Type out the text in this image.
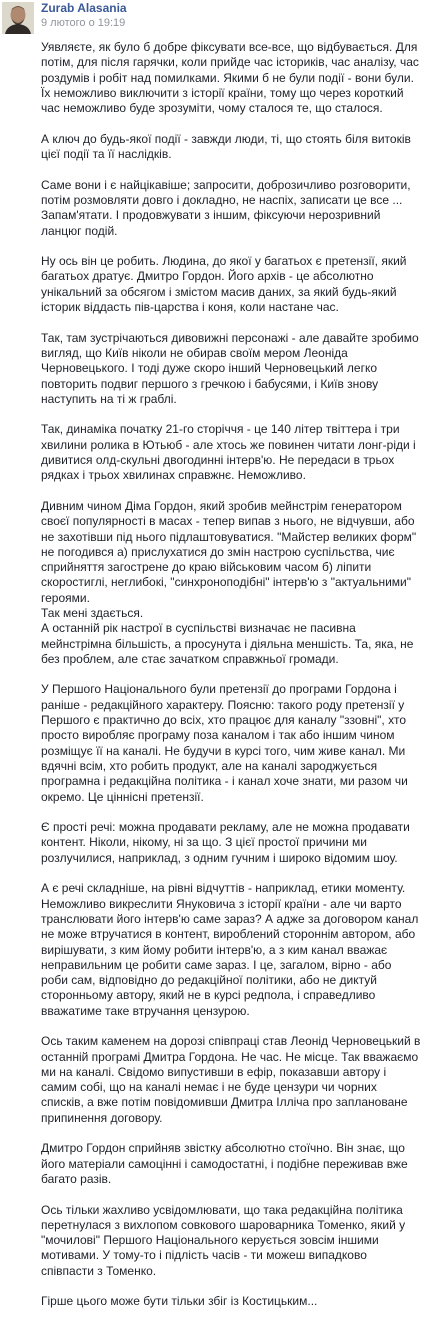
Zurab Alasania
9 лютого о 19:19

Уявляєте, як було б добре фіксувати все-все, що відбувається. Для потім, для після гарячки, коли прийде час істориків, час аналізу, час роздумів і робіт над помилками. Якими б не були події - вони були. Їх неможливо виключити з історії країни, тому що через короткий час неможливо буде зрозуміти, чому сталося те, що сталося.

А ключ до будь-якої події - завжди люди, ті, що стоять біля витоків цієї події та її наслідків.

Саме вони і є найцікавіше; запросити, доброзичливо розговорити, потім розмовляти довго і докладно, не наспіх, записати це все ... Запам'ятати. І продовжувати з іншим, фіксуючи нерозривний ланцюг подій.

Ну ось він це робить. Людина, до якої у багатьох є претензії, який багатьох дратує. Дмитро Гордон. Його архів - це абсолютно унікальний за обсягом і змістом масив даних, за який будь-який історик віддасть пів-царства і коня, коли настане час.

Так, там зустрічаються дивовижні персонажі - але давайте зробимо вигляд, що Київ ніколи не обирав своїм мером Леоніда Черновецького. І тоді дуже скоро інший Черновецький легко повторить подвиг першого з гречкою і бабусями, і Київ знову наступить на ті ж граблі.

Так, динаміка початку 21-го сторіччя - це 140 літер твіттера і три хвилини ролика в Ютьюб - але хтось же повинен читати лонг-ріди і дивитися олд-скульні двогодинні інтерв'ю. Не передаси в трьох рядках і трьох хвилинах справжнє. Неможливо.

Дивним чином Діма Гордон, який зробив мейнстрім генератором своєї популярності в масах - тепер випав з нього, не відчувши, або не захотівши під нього підлаштовуватися. "Майстер великих форм" не погодився а) прислухатися до змін настрою суспільства, чиє сприйняття загострене до краю військовим часом б) ліпити скоростиглі, неглибокі, "синхроноподібні" інтерв'ю з "актуальними" героями.
Так мені здається.
А останній рік настрої в суспільстві визначає не пасивна мейнстрімна більшість, а просунута і діяльна меншість. Та, яка, не без проблем, але стає зачатком справжньої громади.

У Першого Національного були претензії до програми Гордона і раніше - редакційного характеру. Поясню: такого роду претензії у Першого є практично до всіх, хто працює для каналу "ззовні", хто просто виробляє програму поза каналом і так або іншим чином розміщує її на каналі. Не будучи в курсі того, чим живе канал. Ми вдячні всім, хто робить продукт, але на каналі зароджується програмна і редакційна політика - і канал хоче знати, ми разом чи окремо. Це ціннісні претензії.

Є прості речі: можна продавати рекламу, але не можна продавати контент. Ніколи, нікому, ні за що. З цієї простої причини ми розлучилися, наприклад, з одним гучним і широко відомим шоу.

А є речі складніше, на рівні відчуттів - наприклад, етики моменту. Неможливо викреслити Януковича з історії країни - але чи варто транслювати його інтерв'ю саме зараз? А адже за договором канал не може втручатися в контент, вироблений стороннім автором, або вирішувати, з ким йому робити інтерв'ю, а з ким канал вважає неправильним це робити саме зараз. І це, загалом, вірно - або роби сам, відповідно до редакційної політики, або не диктуй сторонньому автору, який не в курсі редпола, і справедливо вважатиме таке втручання цензурою.

Ось таким каменем на дорозі співпраці став Леонід Черновецький в останній програмі Дмитра Гордона. Не час. Не місце. Так вважаємо ми на каналі. Свідомо випустивши в ефір, показавши автору і самим собі, що на каналі немає і не буде цензури чи чорних списків, а вже потім повідомивши Дмитра Ілліча про заплановане припинення договору.

Дмитро Гордон сприйняв звістку абсолютно стоїчно. Він знає, що його матеріали самоцінні і самодостатні, і подібне переживав вже багато разів.

Ось тільки жахливо усвідомлювати, що така редакційна політика перетнулася з вихлопом совкового шароварника Томенко, який у "мочилові" Першого Національного керується зовсім іншими мотивами. У тому-то і підлість часів - ти можеш випадково співпасти з Томенко.

Гірше цього може бути тільки збіг із Костицьким...
